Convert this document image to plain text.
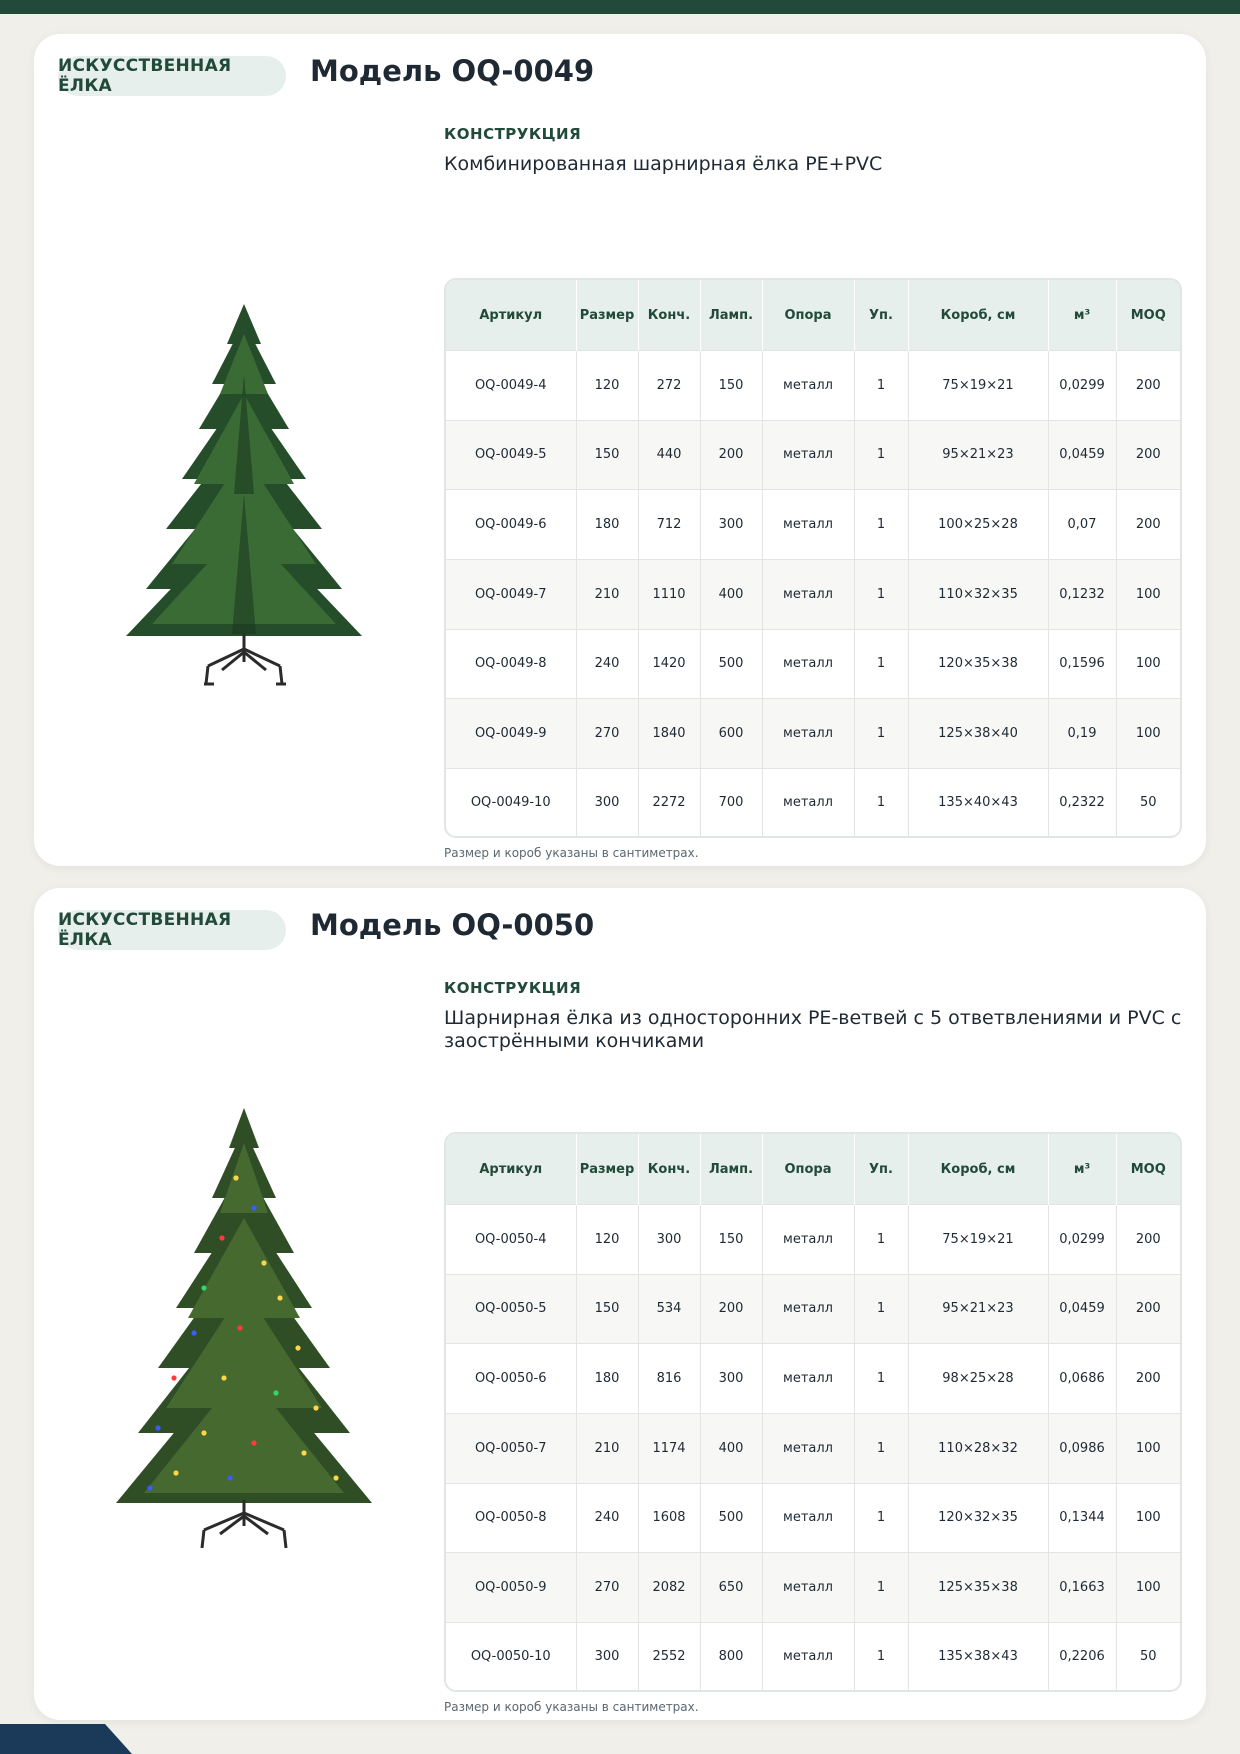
ИСКУССТВЕННАЯ ЁЛКА	Модель OQ-0049
КОНСТРУКЦИЯ
Комбинированная шарнирная ёлка PE+PVC
Артикул	Размер	Конч.	Ламп.	Опора	Уп.	Короб, см	м³	MOQ
OQ-0049-4	120	272	150	металл	1	75×19×21	0,0299	200
OQ-0049-5	150	440	200	металл	1	95×21×23	0,0459	200
OQ-0049-6	180	712	300	металл	1	100×25×28	0,07	200
OQ-0049-7	210	1110	400	металл	1	110×32×35	0,1232	100
OQ-0049-8	240	1420	500	металл	1	120×35×38	0,1596	100
OQ-0049-9	270	1840	600	металл	1	125×38×40	0,19	100
OQ-0049-10	300	2272	700	металл	1	135×40×43	0,2322	50
Размер и короб указаны в сантиметрах.
ИСКУССТВЕННАЯ ЁЛКА	Модель OQ-0050
КОНСТРУКЦИЯ
Шарнирная ёлка из односторонних PE-ветвей с 5 ответвлениями и PVC с заострёнными кончиками
Артикул	Размер	Конч.	Ламп.	Опора	Уп.	Короб, см	м³	MOQ
OQ-0050-4	120	300	150	металл	1	75×19×21	0,0299	200
OQ-0050-5	150	534	200	металл	1	95×21×23	0,0459	200
OQ-0050-6	180	816	300	металл	1	98×25×28	0,0686	200
OQ-0050-7	210	1174	400	металл	1	110×28×32	0,0986	100
OQ-0050-8	240	1608	500	металл	1	120×32×35	0,1344	100
OQ-0050-9	270	2082	650	металл	1	125×35×38	0,1663	100
OQ-0050-10	300	2552	800	металл	1	135×38×43	0,2206	50
Размер и короб указаны в сантиметрах.
